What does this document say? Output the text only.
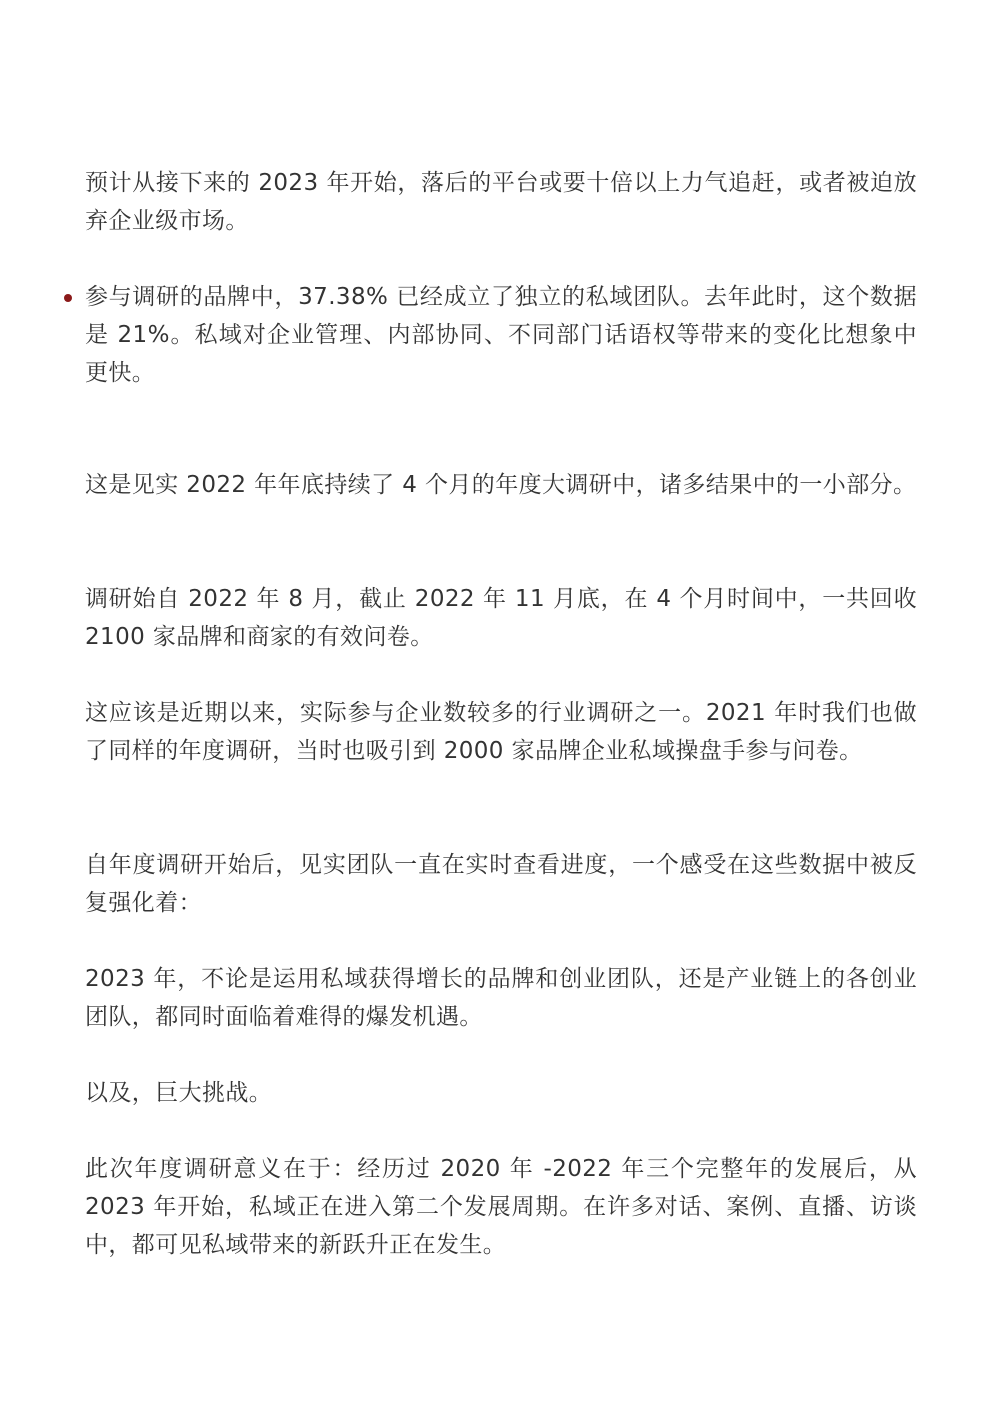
预计从接下来的 2023 年开始，落后的平台或要十倍以上力气追赶，或者被迫放弃企业级市场。

参与调研的品牌中，37.38% 已经成立了独立的私域团队。去年此时，这个数据是 21%。私域对企业管理、内部协同、不同部门话语权等带来的变化比想象中更快。

这是见实 2022 年年底持续了 4 个月的年度大调研中，诸多结果中的一小部分。

调研始自 2022 年 8 月，截止 2022 年 11 月底，在 4 个月时间中，一共回收 2100 家品牌和商家的有效问卷。

这应该是近期以来，实际参与企业数较多的行业调研之一。2021 年时我们也做了同样的年度调研，当时也吸引到 2000 家品牌企业私域操盘手参与问卷。

自年度调研开始后，见实团队一直在实时查看进度，一个感受在这些数据中被反复强化着：

2023 年，不论是运用私域获得增长的品牌和创业团队，还是产业链上的各创业团队，都同时面临着难得的爆发机遇。

以及，巨大挑战。

此次年度调研意义在于：经历过 2020 年 -2022 年三个完整年的发展后，从 2023 年开始，私域正在进入第二个发展周期。在许多对话、案例、直播、访谈中，都可见私域带来的新跃升正在发生。
